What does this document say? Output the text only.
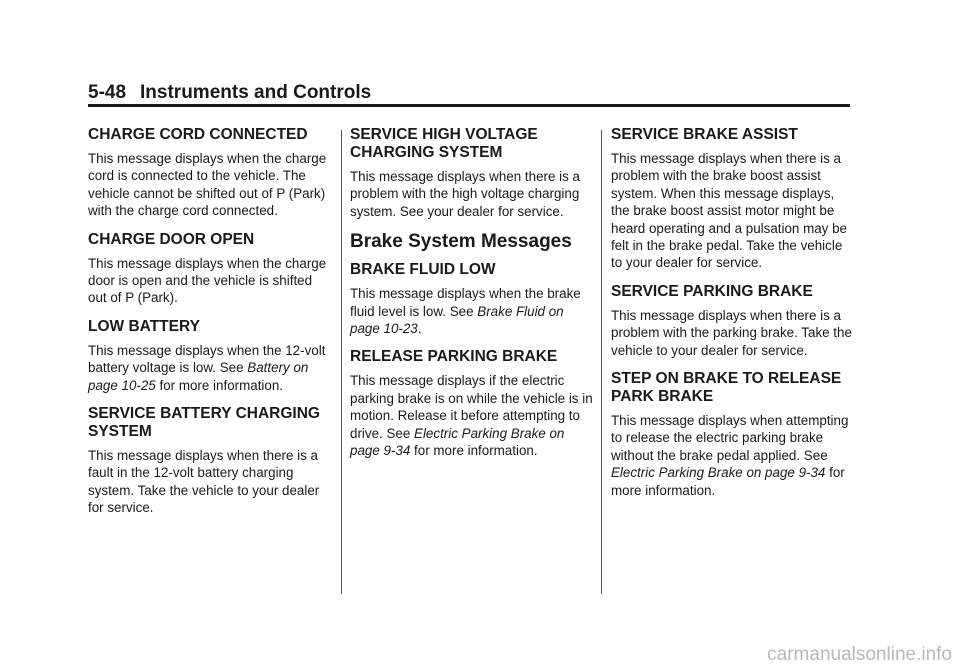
5-48 Instruments and Controls
CHARGE CORD CONNECTED

This message displays when the charge cord is connected to the vehicle. The vehicle cannot be shifted out of P (Park) with the charge cord connected.

CHARGE DOOR OPEN

This message displays when the charge door is open and the vehicle is shifted out of P (Park).

LOW BATTERY

This message displays when the 12-volt battery voltage is low. See Battery on page 10-25 for more information.

SERVICE BATTERY CHARGING SYSTEM

This message displays when there is a fault in the 12-volt battery charging system. Take the vehicle to your dealer for service.

SERVICE HIGH VOLTAGE CHARGING SYSTEM

This message displays when there is a problem with the high voltage charging system. See your dealer for service.

Brake System Messages
BRAKE FLUID LOW

This message displays when the brake fluid level is low. See Brake Fluid on page 10-23.

RELEASE PARKING BRAKE

This message displays if the electric parking brake is on while the vehicle is in motion. Release it before attempting to drive. See Electric Parking Brake on page 9-34 for more information.

SERVICE BRAKE ASSIST

This message displays when there is a problem with the brake boost assist system. When this message displays, the brake boost assist motor might be heard operating and a pulsation may be felt in the brake pedal. Take the vehicle to your dealer for service.

SERVICE PARKING BRAKE

This message displays when there is a problem with the parking brake. Take the vehicle to your dealer for service.

STEP ON BRAKE TO RELEASE PARK BRAKE

This message displays when attempting to release the electric parking brake without the brake pedal applied. See Electric Parking Brake on page 9-34 for more information.

carmanualsonline.info
